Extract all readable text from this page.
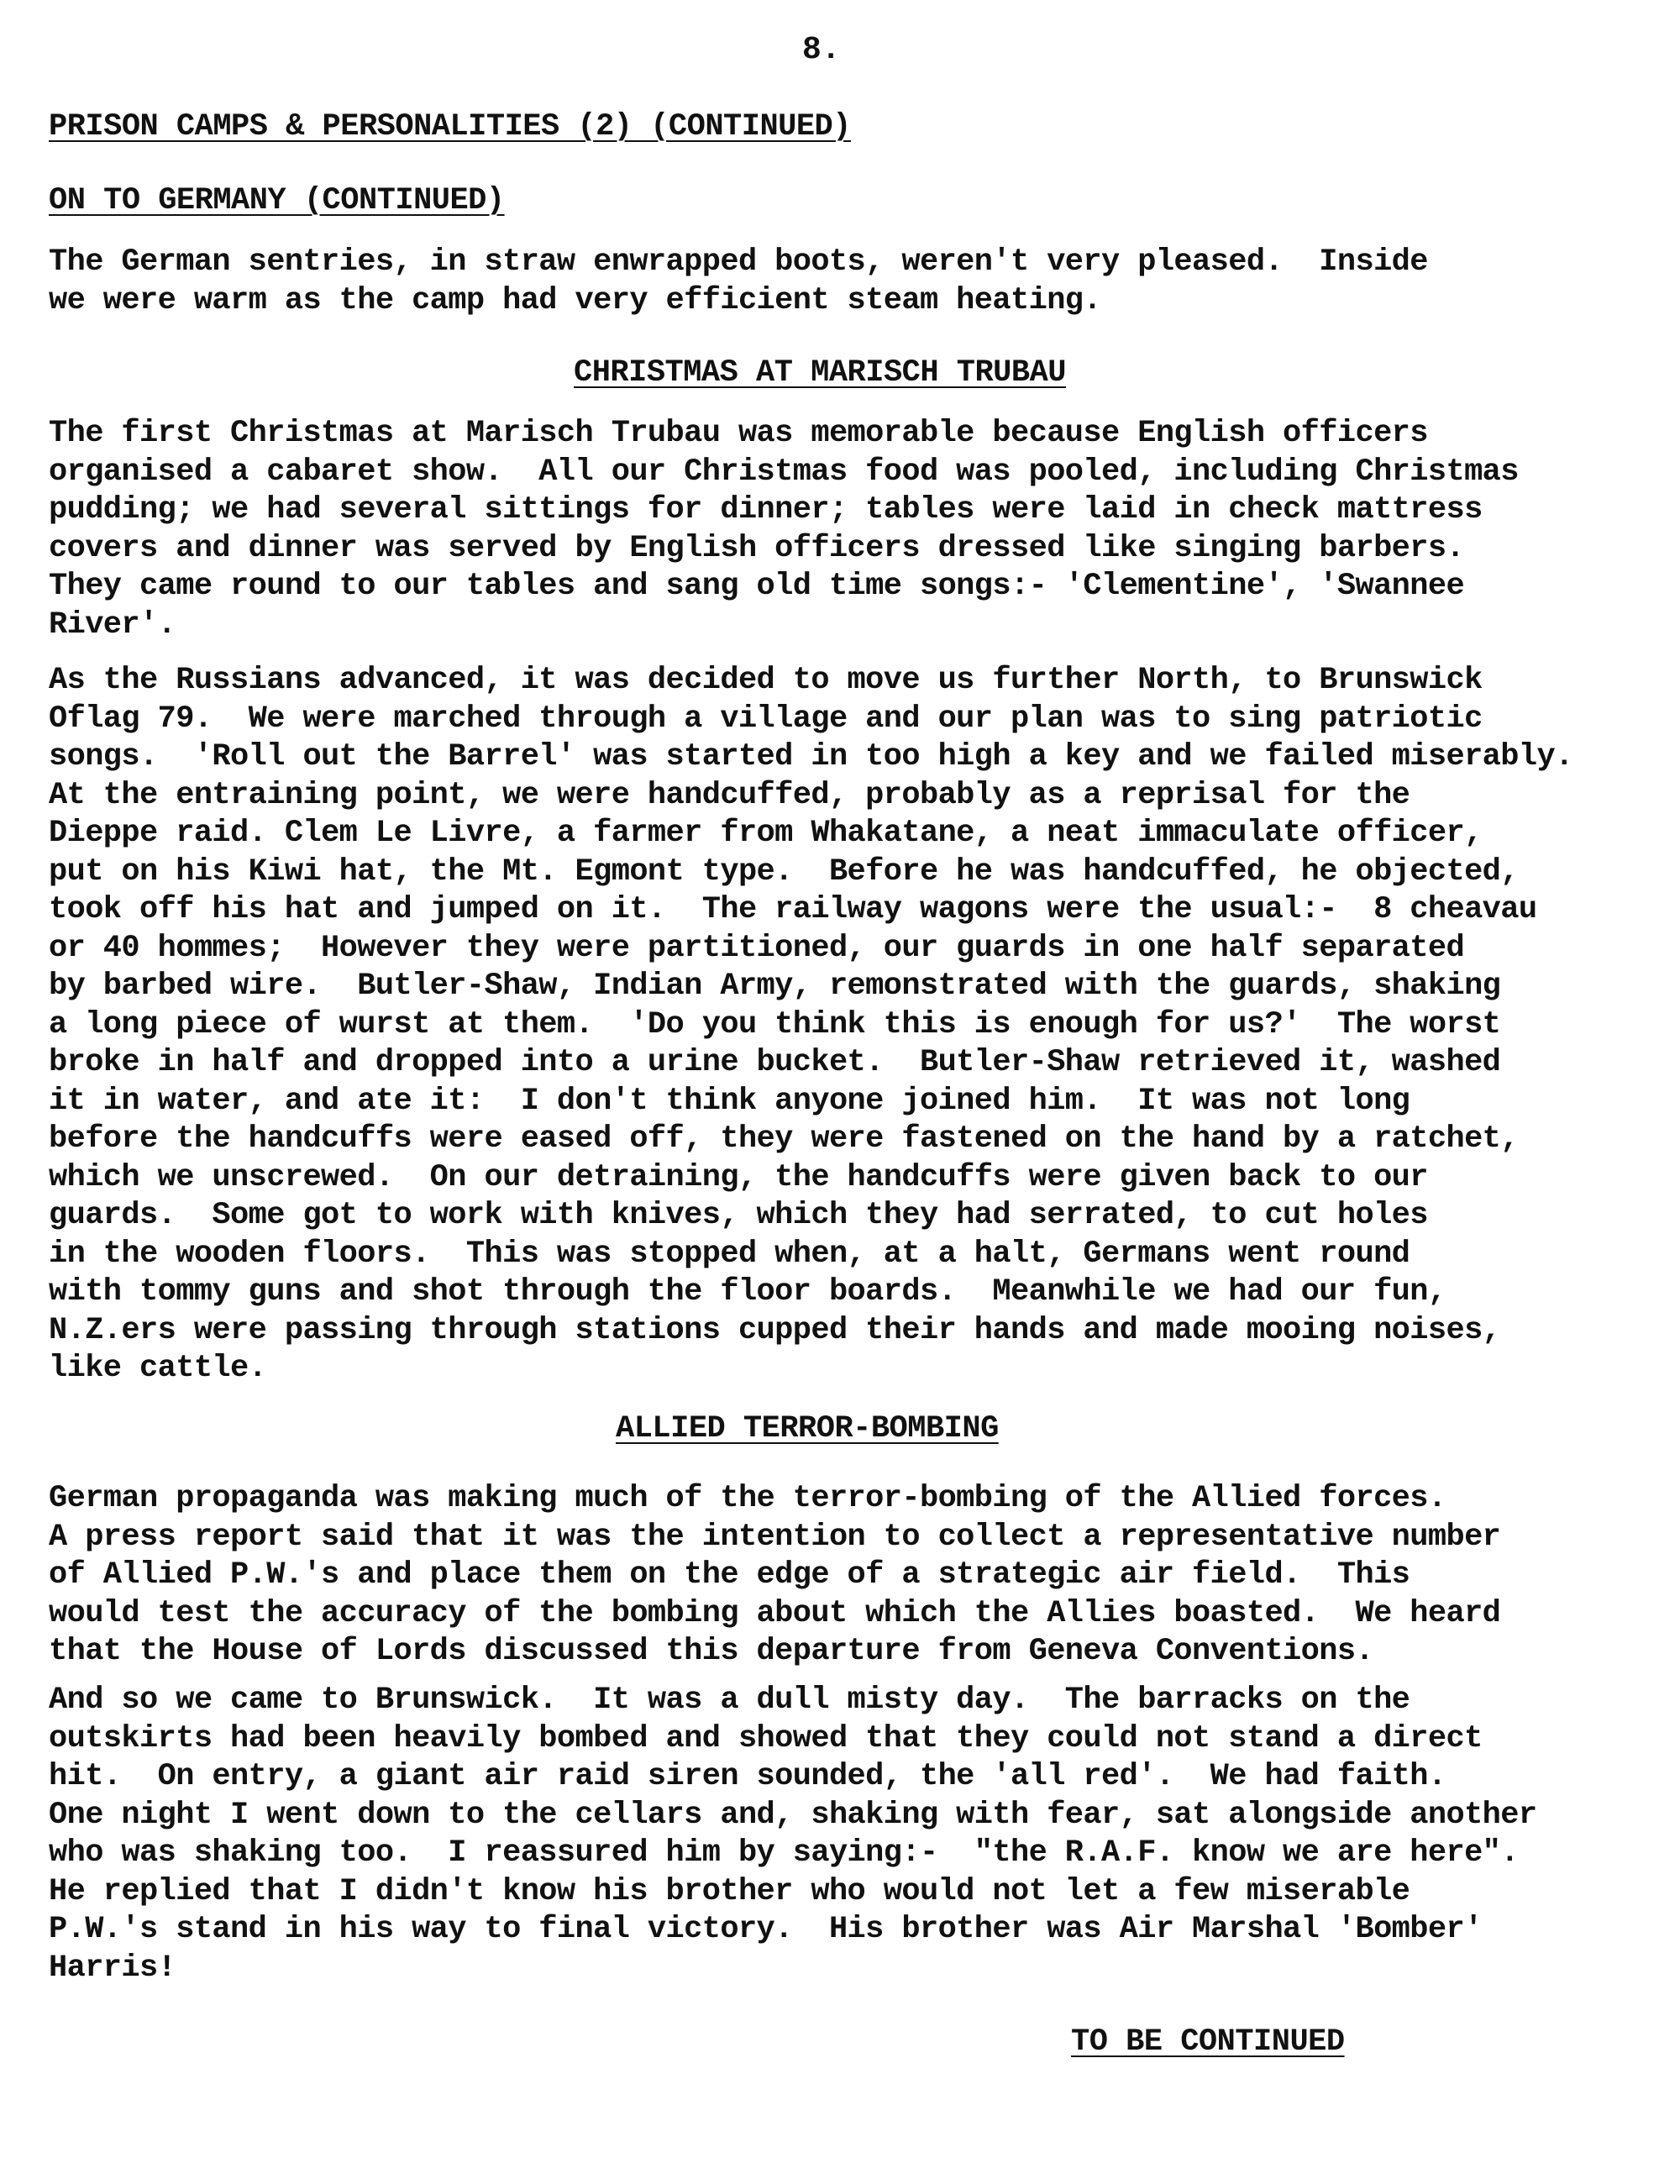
8.
PRISON CAMPS & PERSONALITIES (2) (CONTINUED)
ON TO GERMANY (CONTINUED)
The German sentries, in straw enwrapped boots, weren't very pleased.  Inside
we were warm as the camp had very efficient steam heating.
CHRISTMAS AT MARISCH TRUBAU
The first Christmas at Marisch Trubau was memorable because English officers
organised a cabaret show.  All our Christmas food was pooled, including Christmas
pudding; we had several sittings for dinner; tables were laid in check mattress
covers and dinner was served by English officers dressed like singing barbers.
They came round to our tables and sang old time songs:- 'Clementine', 'Swannee
River'.
As the Russians advanced, it was decided to move us further North, to Brunswick
Oflag 79.  We were marched through a village and our plan was to sing patriotic
songs.  'Roll out the Barrel' was started in too high a key and we failed miserably.
At the entraining point, we were handcuffed, probably as a reprisal for the
Dieppe raid. Clem Le Livre, a farmer from Whakatane, a neat immaculate officer,
put on his Kiwi hat, the Mt. Egmont type.  Before he was handcuffed, he objected,
took off his hat and jumped on it.  The railway wagons were the usual:-  8 cheavau
or 40 hommes;  However they were partitioned, our guards in one half separated
by barbed wire.  Butler-Shaw, Indian Army, remonstrated with the guards, shaking
a long piece of wurst at them.  'Do you think this is enough for us?'  The worst
broke in half and dropped into a urine bucket.  Butler-Shaw retrieved it, washed
it in water, and ate it:  I don't think anyone joined him.  It was not long
before the handcuffs were eased off, they were fastened on the hand by a ratchet,
which we unscrewed.  On our detraining, the handcuffs were given back to our
guards.  Some got to work with knives, which they had serrated, to cut holes
in the wooden floors.  This was stopped when, at a halt, Germans went round
with tommy guns and shot through the floor boards.  Meanwhile we had our fun,
N.Z.ers were passing through stations cupped their hands and made mooing noises,
like cattle.
ALLIED TERROR-BOMBING
German propaganda was making much of the terror-bombing of the Allied forces.
A press report said that it was the intention to collect a representative number
of Allied P.W.'s and place them on the edge of a strategic air field.  This
would test the accuracy of the bombing about which the Allies boasted.  We heard
that the House of Lords discussed this departure from Geneva Conventions.
And so we came to Brunswick.  It was a dull misty day.  The barracks on the
outskirts had been heavily bombed and showed that they could not stand a direct
hit.  On entry, a giant air raid siren sounded, the 'all red'.  We had faith.
One night I went down to the cellars and, shaking with fear, sat alongside another
who was shaking too.  I reassured him by saying:-  "the R.A.F. know we are here".
He replied that I didn't know his brother who would not let a few miserable
P.W.'s stand in his way to final victory.  His brother was Air Marshal 'Bomber'
Harris!
TO BE CONTINUED
